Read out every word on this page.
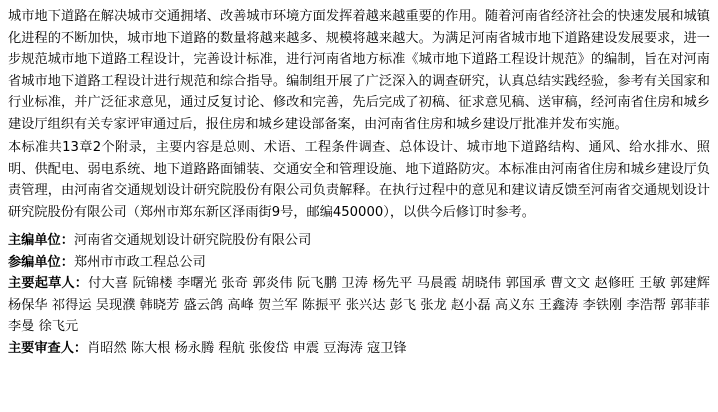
城市地下道路在解决城市交通拥堵、改善城市环境方面发挥着越来越重要的作用。随着河南省经济社会的快速发展和城镇化进程的不断加快，城市地下道路的数量将越来越多、规模将越来越大。为满足河南省城市地下道路建设发展要求，进一步规范城市地下道路工程设计，完善设计标准，进行河南省地方标准《城市地下道路工程设计规范》的编制，旨在对河南省城市地下道路工程设计进行规范和综合指导。编制组开展了广泛深入的调查研究，认真总结实践经验，参考有关国家和行业标准，并广泛征求意见，通过反复讨论、修改和完善，先后完成了初稿、征求意见稿、送审稿，经河南省住房和城乡建设厅组织有关专家评审通过后，报住房和城乡建设部备案，由河南省住房和城乡建设厅批准并发布实施。

本标准共13章2个附录，主要内容是总则、术语、工程条件调查、总体设计、城市地下道路结构、通风、给水排水、照明、供配电、弱电系统、地下道路路面铺装、交通安全和管理设施、地下道路防灾。本标准由河南省住房和城乡建设厅负责管理，由河南省交通规划设计研究院股份有限公司负责解释。在执行过程中的意见和建议请反馈至河南省交通规划设计研究院股份有限公司（郑州市郑东新区泽雨街9号，邮编450000），以供今后修订时参考。

主编单位：河南省交通规划设计研究院股份有限公司

参编单位：郑州市市政工程总公司

主要起草人：付大喜 阮锦楼 李曙光 张奇 郭炎伟 阮飞鹏 卫涛 杨先平 马晨霞 胡晓伟 郭国承 曹文文 赵修旺 王敏 郭建辉 杨保华 祁得运 吴现濮 韩晓芳 盛云鸽 高峰 贺兰军 陈振平 张兴达 彭飞 张龙 赵小磊 高义东 王鑫涛 李铁刚 李浩帮 郭菲菲 李曼 徐飞元

主要审查人：肖昭然 陈大根 杨永腾 程航 张俊岱 申震 豆海涛 寇卫锋
